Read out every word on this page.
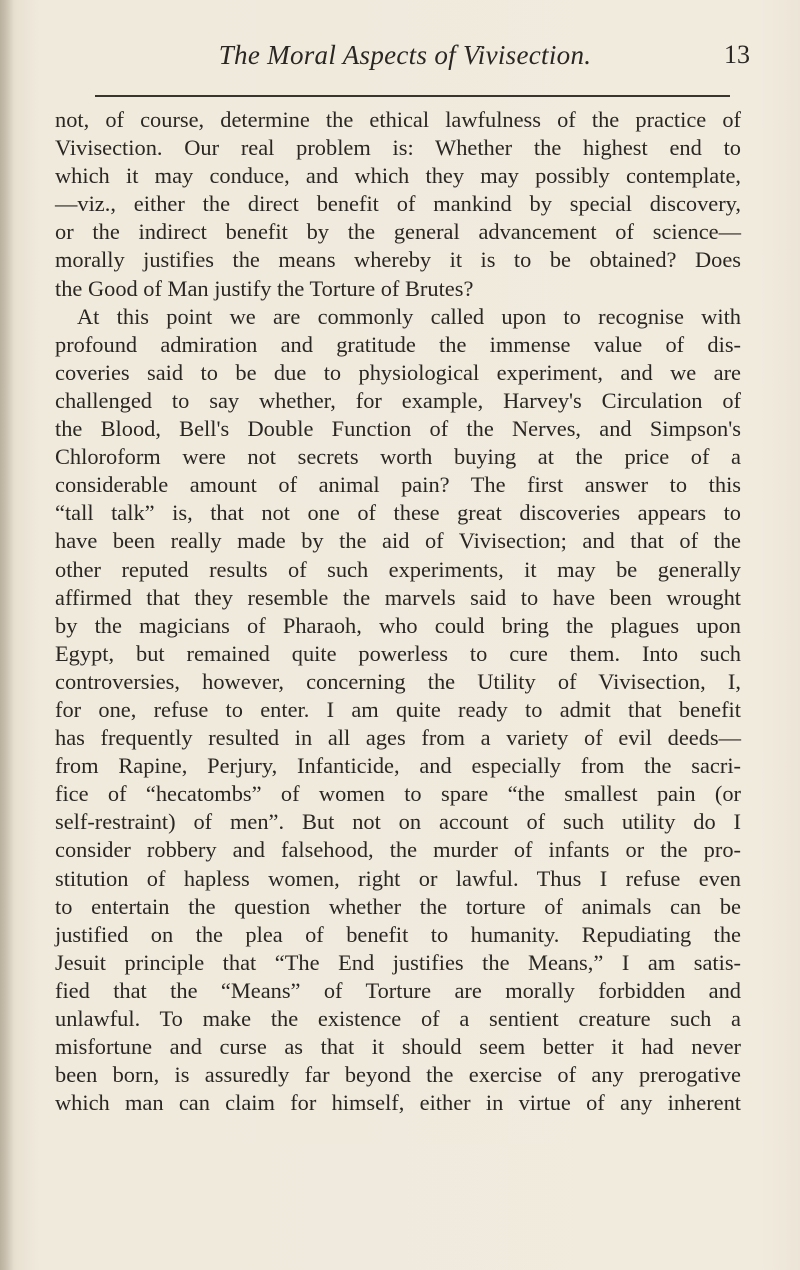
The Moral Aspects of Vivisection.	13
not, of course, determine the ethical lawfulness of the practice of
Vivisection. Our real problem is: Whether the highest end to
which it may conduce, and which they may possibly contemplate,
—viz., either the direct benefit of mankind by special discovery,
or the indirect benefit by the general advancement of science—
morally justifies the means whereby it is to be obtained? Does
the Good of Man justify the Torture of Brutes?
At this point we are commonly called upon to recognise with
profound admiration and gratitude the immense value of dis-
coveries said to be due to physiological experiment, and we are
challenged to say whether, for example, Harvey's Circulation of
the Blood, Bell's Double Function of the Nerves, and Simpson's
Chloroform were not secrets worth buying at the price of a
considerable amount of animal pain? The first answer to this
“tall talk” is, that not one of these great discoveries appears to
have been really made by the aid of Vivisection; and that of the
other reputed results of such experiments, it may be generally
affirmed that they resemble the marvels said to have been wrought
by the magicians of Pharaoh, who could bring the plagues upon
Egypt, but remained quite powerless to cure them. Into such
controversies, however, concerning the Utility of Vivisection, I,
for one, refuse to enter. I am quite ready to admit that benefit
has frequently resulted in all ages from a variety of evil deeds—
from Rapine, Perjury, Infanticide, and especially from the sacri-
fice of “hecatombs” of women to spare “the smallest pain (or
self-restraint) of men”. But not on account of such utility do I
consider robbery and falsehood, the murder of infants or the pro-
stitution of hapless women, right or lawful. Thus I refuse even
to entertain the question whether the torture of animals can be
justified on the plea of benefit to humanity. Repudiating the
Jesuit principle that “The End justifies the Means,” I am satis-
fied that the “Means” of Torture are morally forbidden and
unlawful. To make the existence of a sentient creature such a
misfortune and curse as that it should seem better it had never
been born, is assuredly far beyond the exercise of any prerogative
which man can claim for himself, either in virtue of any inherent
